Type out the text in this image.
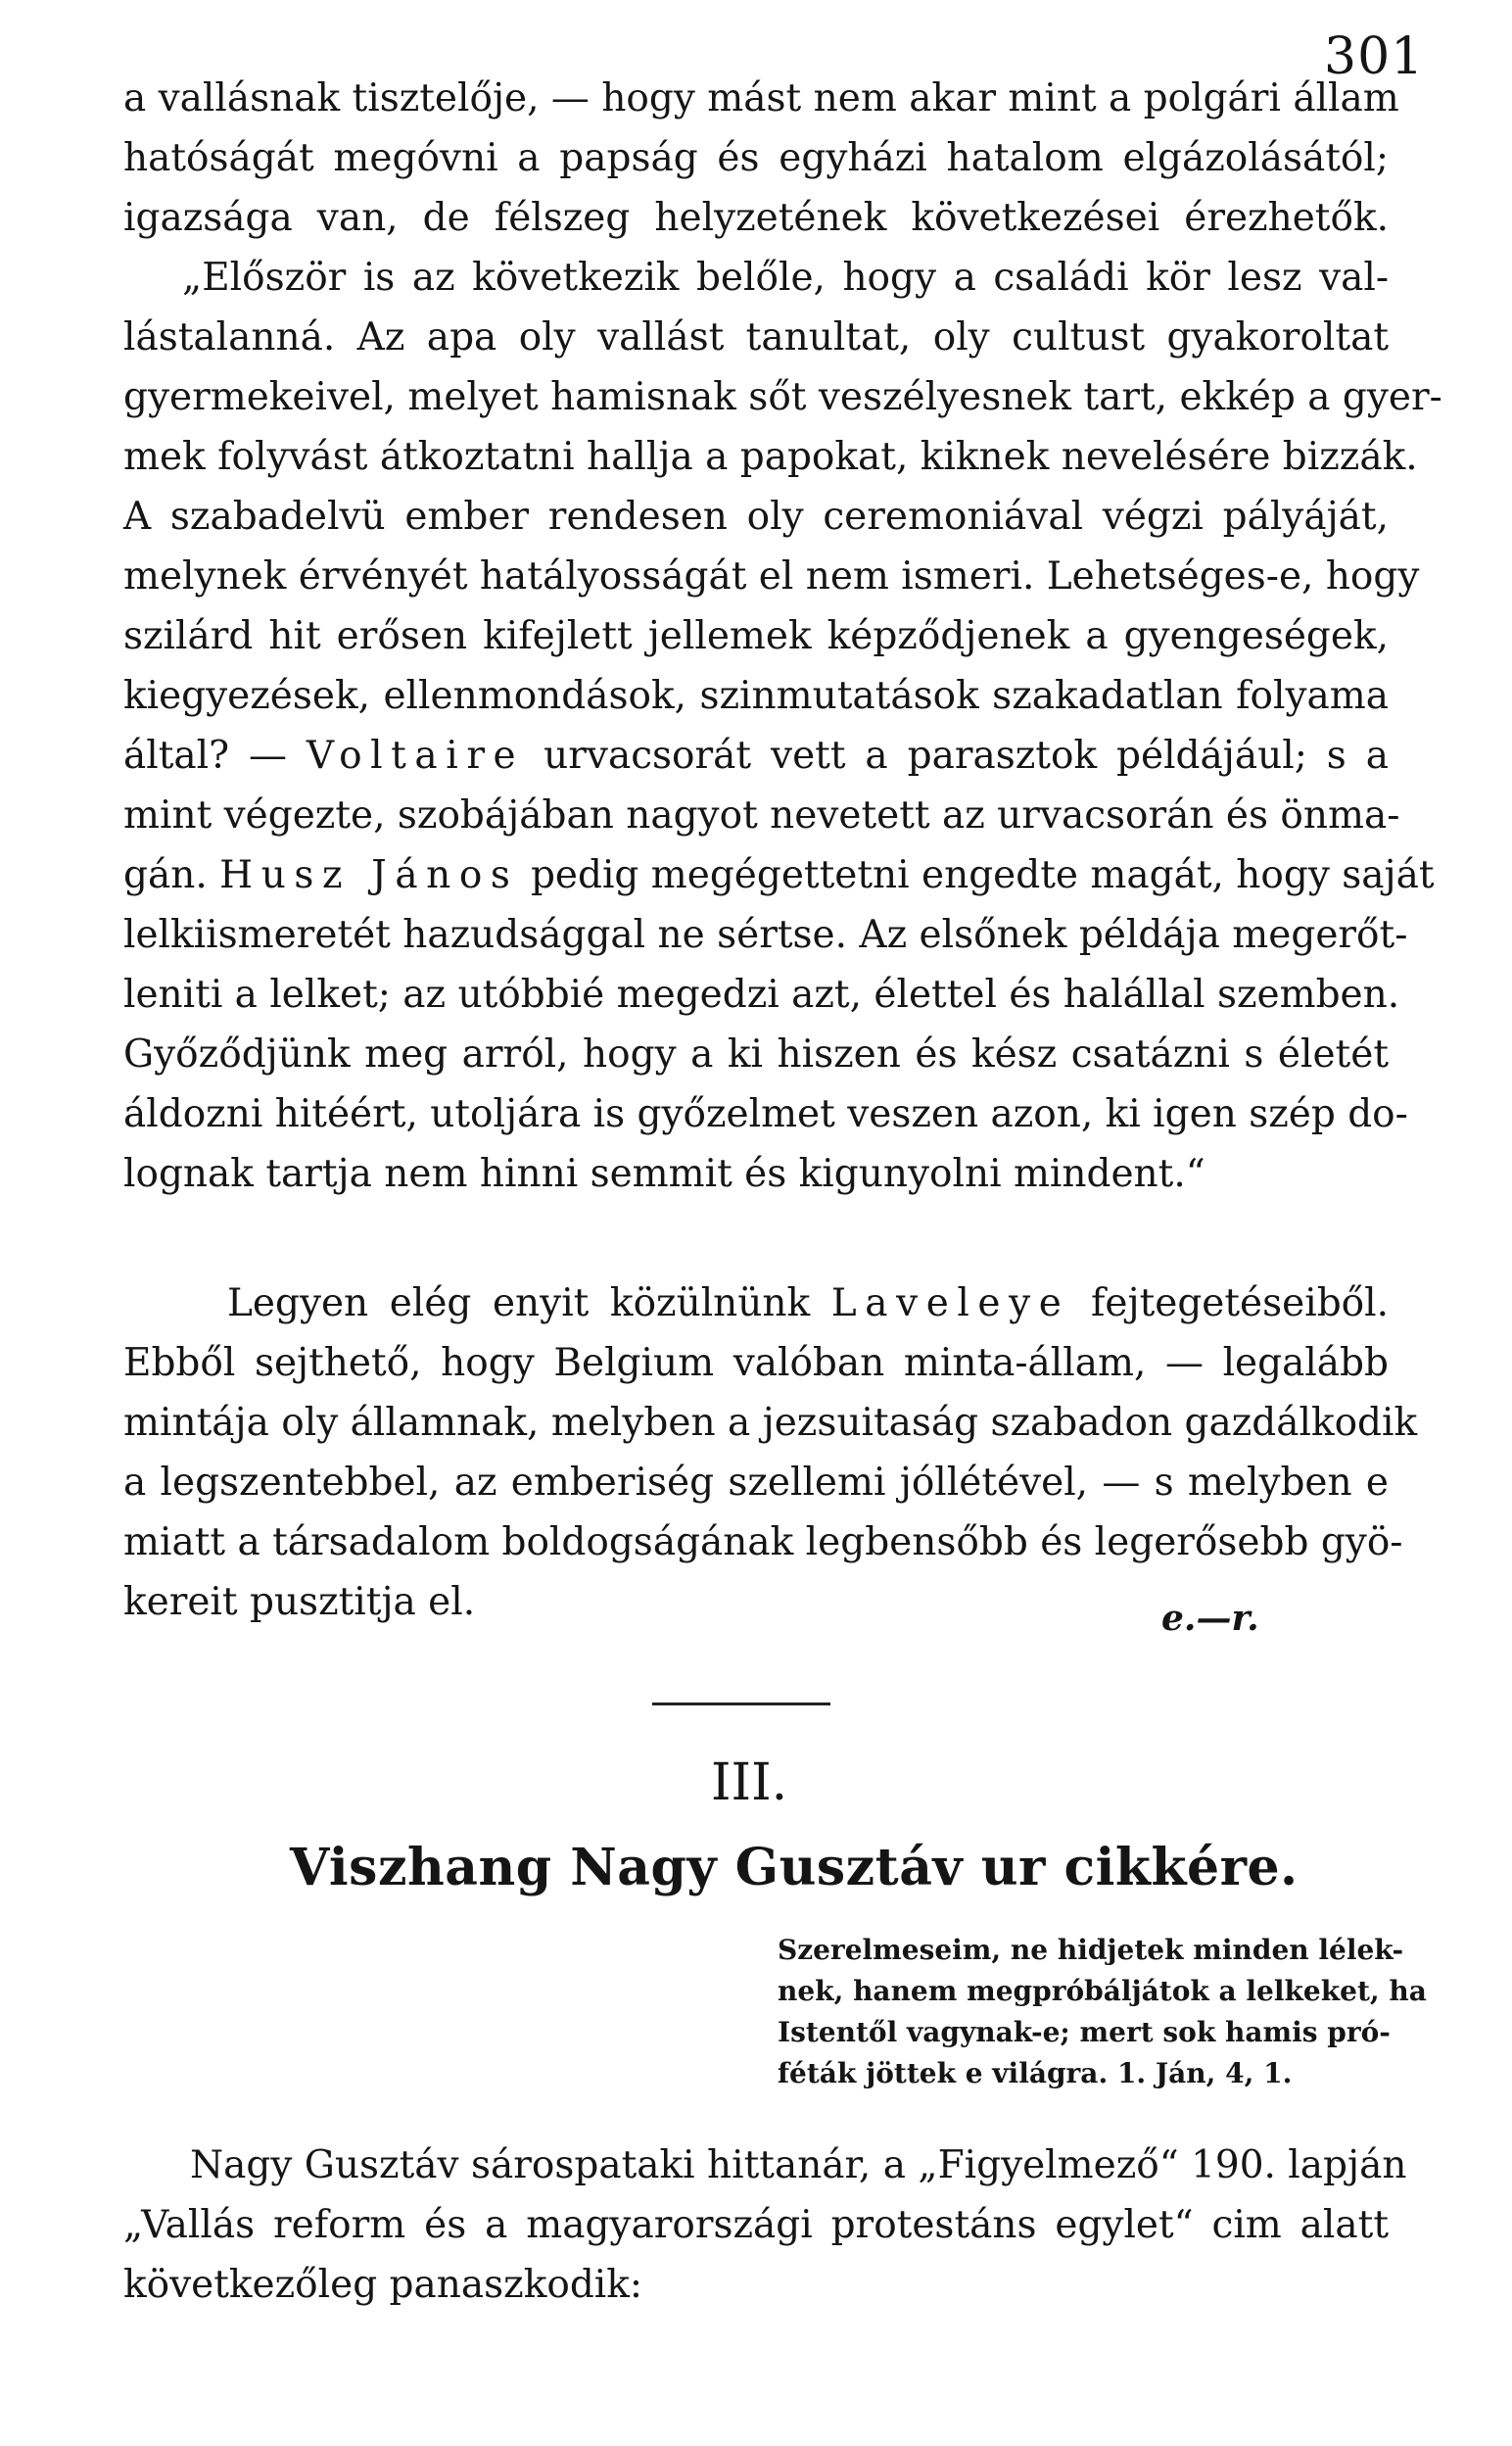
301
a vallásnak tisztelője, — hogy mást nem akar mint a polgári állam
hatóságát megóvni a papság és egyházi hatalom elgázolásától;
igazsága van, de félszeg helyzetének következései érezhetők.
„Először is az következik belőle, hogy a családi kör lesz val-
lástalanná. Az apa oly vallást tanultat, oly cultust gyakoroltat
gyermekeivel, melyet hamisnak sőt veszélyesnek tart, ekkép a gyer-
mek folyvást átkoztatni hallja a papokat, kiknek nevelésére bizzák.
A szabadelvü ember rendesen oly ceremoniával végzi pályáját,
melynek érvényét hatályosságát el nem ismeri. Lehetséges-e, hogy
szilárd hit erősen kifejlett jellemek képződjenek a gyengeségek,
kiegyezések, ellenmondások, szinmutatások szakadatlan folyama
által? — Voltaire urvacsorát vett a parasztok példájául; s a
mint végezte, szobájában nagyot nevetett az urvacsorán és önma-
gán. Husz János pedig megégettetni engedte magát, hogy saját
lelkiismeretét hazudsággal ne sértse. Az elsőnek példája megerőt-
leniti a lelket; az utóbbié megedzi azt, élettel és halállal szemben.
Győződjünk meg arról, hogy a ki hiszen és kész csatázni s életét
áldozni hitéért, utoljára is győzelmet veszen azon, ki igen szép do-
lognak tartja nem hinni semmit és kigunyolni mindent.“
Legyen elég enyit közülnünk Laveleye fejtegetéseiből.
Ebből sejthető, hogy Belgium valóban minta-állam, — legalább
mintája oly államnak, melyben a jezsuitaság szabadon gazdálkodik
a legszentebbel, az emberiség szellemi jóllétével, — s melyben e
miatt a társadalom boldogságának legbensőbb és legerősebb gyö-
kereit pusztitja el.	e.—r.
III.
Viszhang Nagy Gusztáv ur cikkére.
Szerelmeseim, ne hidjetek minden lélek-
nek, hanem megpróbáljátok a lelkeket, ha
Istentől vagynak-e; mert sok hamis pró-
féták jöttek e világra. 1. Ján, 4, 1.
Nagy Gusztáv sárospataki hittanár, a „Figyelmező“ 190. lapján
„Vallás reform és a magyarországi protestáns egylet“ cim alatt
következőleg panaszkodik:
